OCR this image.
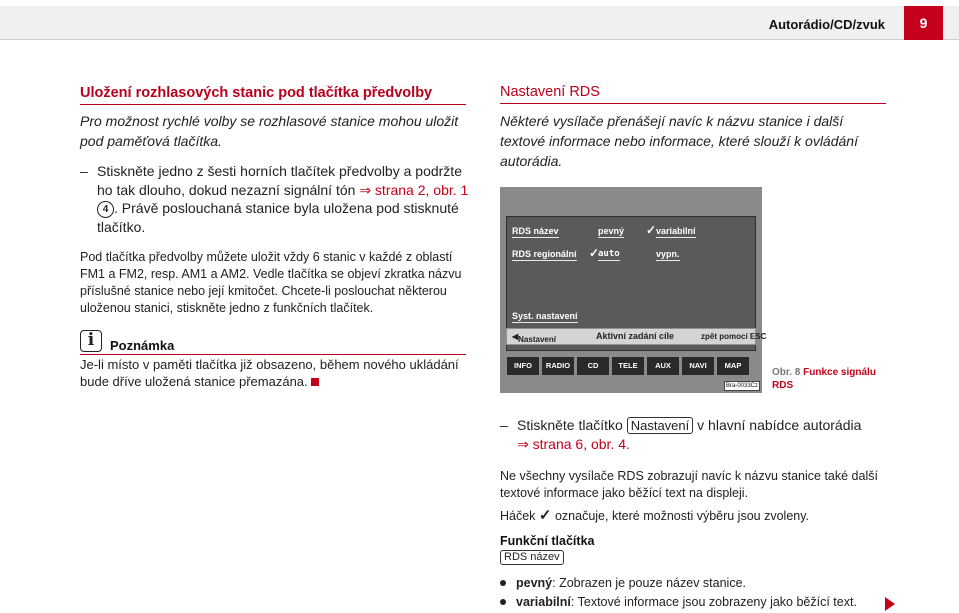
Autorádio/CD/zvuk	9
Uložení rozhlasových stanic pod tlačítka předvolby
Pro možnost rychlé volby se rozhlasové stanice mohou uložit pod paměťová tlačítka.
– Stiskněte jedno z šesti horních tlačítek předvolby a podržte ho tak dlouho, dokud nezazní signální tón ⇒ strana 2, obr. 1 4 . Právě poslouchaná stanice byla uložena pod stisknuté tlačítko.
Pod tlačítka předvolby můžete uložit vždy 6 stanic v každé z oblastí FM1 a FM2, resp. AM1 a AM2. Vedle tlačítka se objeví zkratka názvu příslušné stanice nebo její kmitočet. Chcete-li poslouchat některou uloženou stanici, stiskněte jedno z funkčních tlačítek.
i	Poznámka
Je-li místo v paměti tlačítka již obsazeno, během nového ukládání bude dříve uložená stanice přemazána.
Nastavení RDS
Některé vysílače přenášejí navíc k názvu stanice i další textové informace nebo informace, které slouží k ovládání autorádia.
RDS název	pevný ✓ variabilní
RDS regionální ✓
auto	vypn.
Syst. nastavení
◀ Nastavení	Aktivní zadání cíle	zpět pomocí ESC
INFO	RADIO	CD	TELE	AUX	NAVI	MAP
Bra-0033Cz
Obr. 8 Funkce signálu RDS
– Stiskněte tlačítko Nastavení v hlavní nabídce autorádia
⇒ strana 6, obr. 4.
Ne všechny vysílače RDS zobrazují navíc k názvu stanice také další textové informace jako běžící text na displeji.
Háček ✓ označuje, které možnosti výběru jsou zvoleny.
Funkční tlačítka
RDS název
pevný: Zobrazen je pouze název stanice.
variabilní: Textové informace jsou zobrazeny jako běžící text.
